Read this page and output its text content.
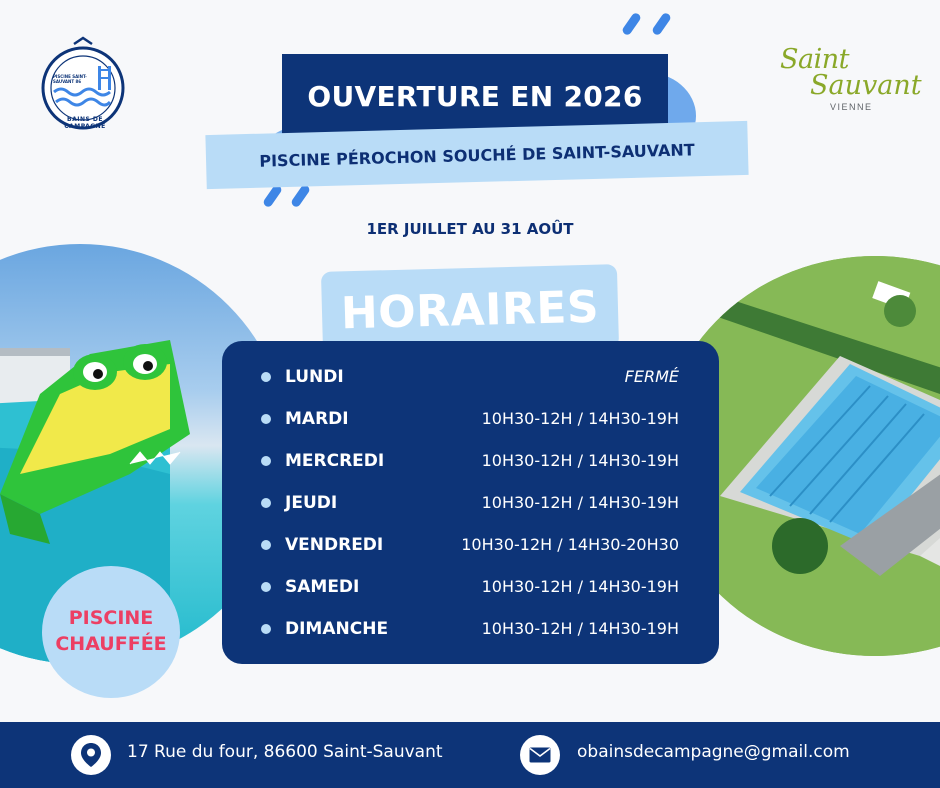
PISCINE SAINT-SAUVANT 86
BAINS DE CAMPAGNE
Saint
Sauvant
VIENNE
OUVERTURE EN 2026
PISCINE PÉROCHON SOUCHÉ DE SAINT-SAUVANT
1ER JUILLET AU 31 AOÛT
HORAIRES
LUNDI	FERMÉ
MARDI	10H30-12H / 14H30-19H
MERCREDI	10H30-12H / 14H30-19H
JEUDI	10H30-12H / 14H30-19H
VENDREDI	10H30-12H / 14H30-20H30
SAMEDI	10H30-12H / 14H30-19H
DIMANCHE	10H30-12H / 14H30-19H
PISCINE
CHAUFFÉE
17 Rue du four, 86600 Saint-Sauvant	obainsdecampagne@gmail.com
